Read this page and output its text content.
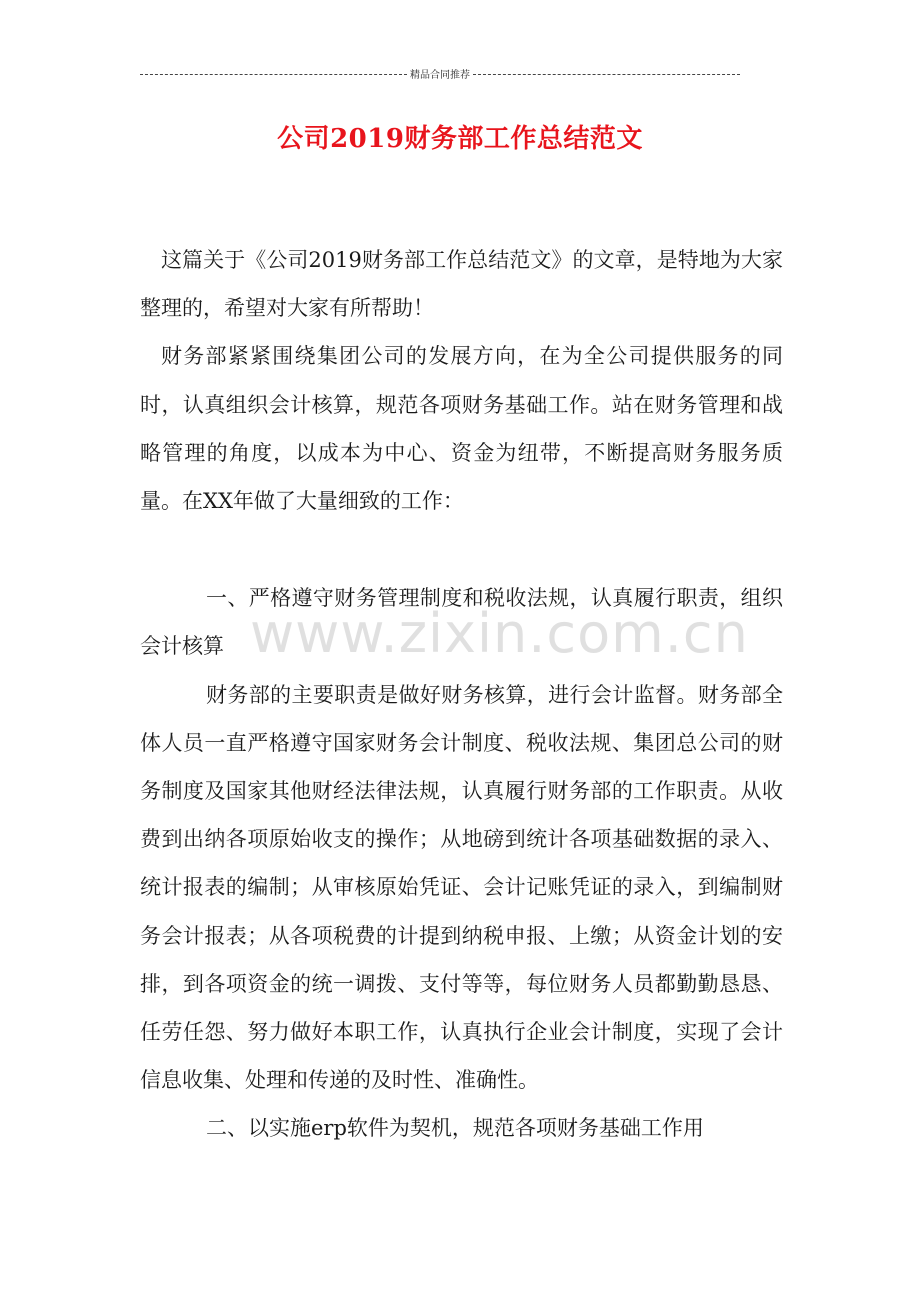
精品合同推荐
公司2019财务部工作总结范文

这篇关于《公司2019财务部工作总结范文》的文章，是特地为大家整理的，希望对大家有所帮助！

财务部紧紧围绕集团公司的发展方向，在为全公司提供服务的同时，认真组织会计核算，规范各项财务基础工作。站在财务管理和战略管理的角度，以成本为中心、资金为纽带，不断提高财务服务质量。在XX年做了大量细致的工作：

一、严格遵守财务管理制度和税收法规，认真履行职责，组织会计核算

财务部的主要职责是做好财务核算，进行会计监督。财务部全体人员一直严格遵守国家财务会计制度、税收法规、集团总公司的财务制度及国家其他财经法律法规，认真履行财务部的工作职责。从收费到出纳各项原始收支的操作；从地磅到统计各项基础数据的录入、统计报表的编制；从审核原始凭证、会计记账凭证的录入，到编制财务会计报表；从各项税费的计提到纳税申报、上缴；从资金计划的安排，到各项资金的统一调拨、支付等等，每位财务人员都勤勤恳恳、任劳任怨、努力做好本职工作，认真执行企业会计制度，实现了会计信息收集、处理和传递的及时性、准确性。

二、以实施erp软件为契机，规范各项财务基础工作用

www.zixin.com.cn
